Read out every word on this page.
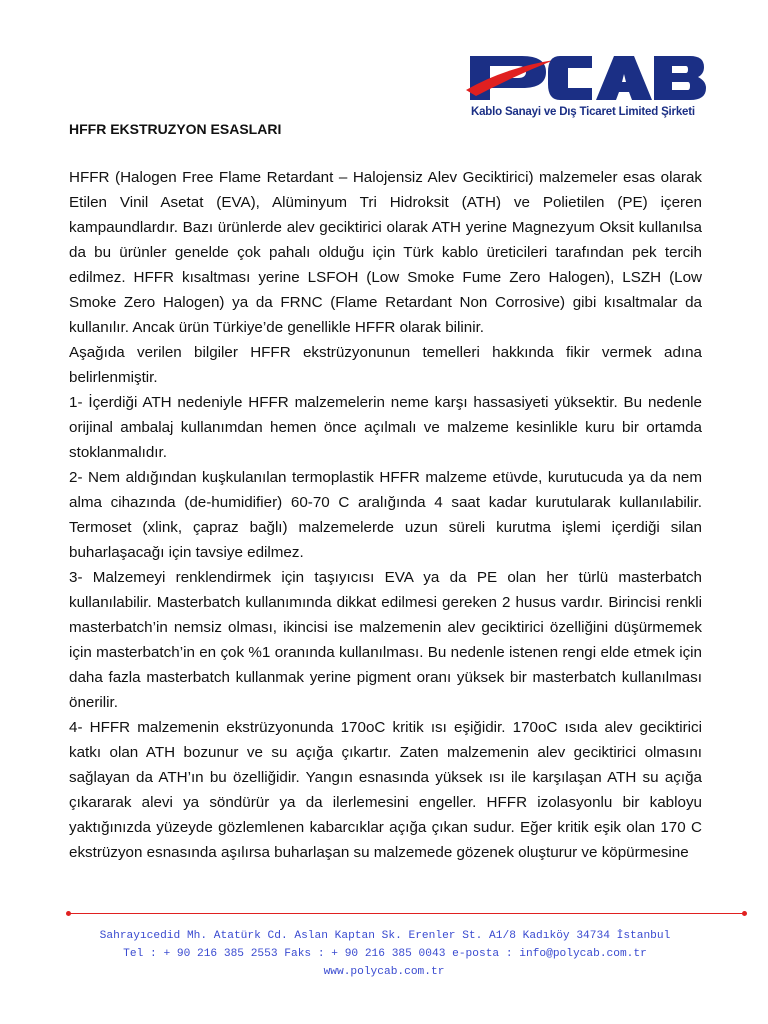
OLY
Kablo Sanayi ve Dış Ticaret Limited Şirketi
HFFR EKSTRUZYON ESASLARI

HFFR (Halogen Free Flame Retardant – Halojensiz Alev Geciktirici) malzemeler esas olarak Etilen Vinil Asetat (EVA), Alüminyum Tri Hidroksit (ATH) ve Polietilen (PE) içeren kampaundlardır. Bazı ürünlerde alev geciktirici olarak ATH yerine Magnezyum Oksit kullanılsa da bu ürünler genelde çok pahalı olduğu için Türk kablo üreticileri tarafından pek tercih edilmez. HFFR kısaltması yerine LSFOH (Low Smoke Fume Zero Halogen), LSZH (Low Smoke Zero Halogen) ya da FRNC (Flame Retardant Non Corrosive) gibi kısaltmalar da kullanılır. Ancak ürün Türkiye’de genellikle HFFR olarak bilinir.

Aşağıda verilen bilgiler HFFR ekstrüzyonunun temelleri hakkında fikir vermek adına belirlenmiştir.

1- İçerdiği ATH nedeniyle HFFR malzemelerin neme karşı hassasiyeti yüksektir. Bu nedenle orijinal ambalaj kullanımdan hemen önce açılmalı ve malzeme kesinlikle kuru bir ortamda stoklanmalıdır.

2- Nem aldığından kuşkulanılan termoplastik HFFR malzeme etüvde, kurutucuda ya da nem alma cihazında (de-humidifier) 60-70 C aralığında 4 saat kadar kurutularak kullanılabilir. Termoset (xlink, çapraz bağlı) malzemelerde uzun süreli kurutma işlemi içerdiği silan buharlaşacağı için tavsiye edilmez.

3- Malzemeyi renklendirmek için taşıyıcısı EVA ya da PE olan her türlü masterbatch kullanılabilir. Masterbatch kullanımında dikkat edilmesi gereken 2 husus vardır. Birincisi renkli masterbatch’in nemsiz olması, ikincisi ise malzemenin alev geciktirici özelliğini düşürmemek için masterbatch’in en çok %1 oranında kullanılması. Bu nedenle istenen rengi elde etmek için daha fazla masterbatch kullanmak yerine pigment oranı yüksek bir masterbatch kullanılması önerilir.

4- HFFR malzemenin ekstrüzyonunda 170oC kritik ısı eşiğidir. 170oC ısıda alev geciktirici katkı olan ATH bozunur ve su açığa çıkartır. Zaten malzemenin alev geciktirici olmasını sağlayan da ATH’ın bu özelliğidir. Yangın esnasında yüksek ısı ile karşılaşan ATH su açığa çıkararak alevi ya söndürür ya da ilerlemesini engeller. HFFR izolasyonlu bir kabloyu yaktığınızda yüzeyde gözlemlenen kabarcıklar açığa çıkan sudur. Eğer kritik eşik olan 170 C ekstrüzyon esnasında aşılırsa buharlaşan su malzemede gözenek oluşturur ve köpürmesine

Sahrayıcedid Mh. Atatürk Cd. Aslan Kaptan Sk. Erenler St. A1/8 Kadıköy 34734 İstanbul
Tel : + 90 216 385 2553 Faks : + 90 216 385 0043 e-posta : info@polycab.com.tr
www.polycab.com.tr
